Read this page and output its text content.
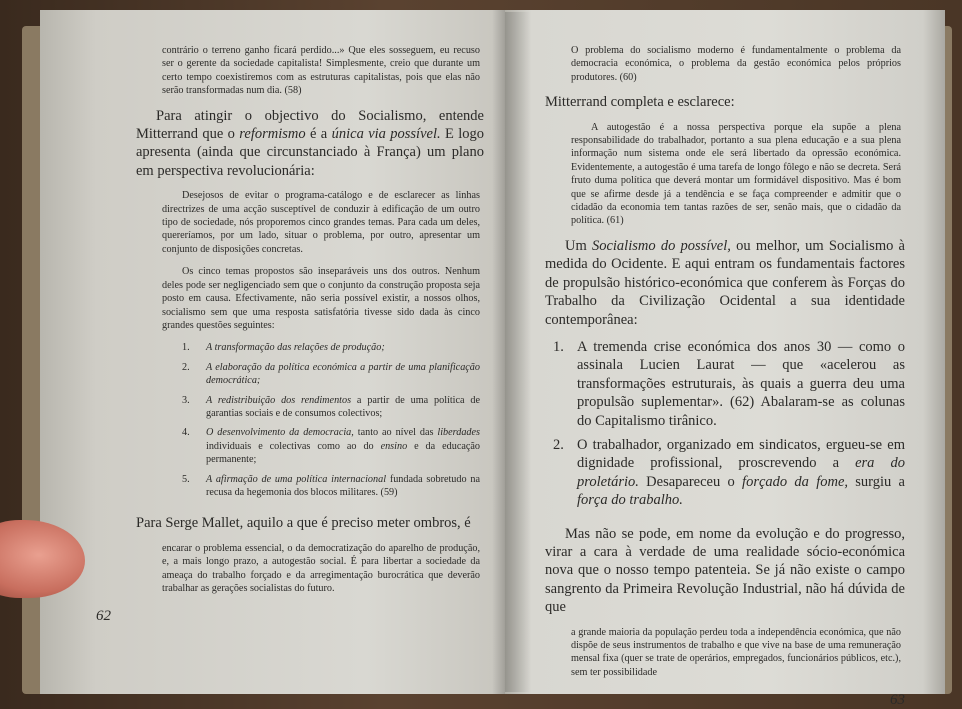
contrário o terreno ganho ficará perdido...» Que eles sosseguem, eu recuso ser o gerente da sociedade capitalista! Simplesmente, creio que durante um certo tempo coexistiremos com as estruturas capitalistas, pois que elas não serão transformadas num dia. (58)
Para atingir o objectivo do Socialismo, entende Mitterrand que o reformismo é a única via possível. E logo apresenta (ainda que circunstanciado à França) um plano em perspectiva revolucionária:
Desejosos de evitar o programa-catálogo e de esclarecer as linhas directrizes de uma acção susceptível de conduzir à edificação de um outro tipo de sociedade, nós proporemos cinco grandes temas. Para cada um deles, quereríamos, por um lado, situar o problema, por outro, apresentar um conjunto de disposições concretas.
Os cinco temas propostos são inseparáveis uns dos outros. Nenhum deles pode ser negligenciado sem que o conjunto da construção proposta seja posto em causa. Efectivamente, não seria possível existir, a nossos olhos, socialismo sem que uma resposta satisfatória tivesse sido dada às cinco grandes questões seguintes:
1. A transformação das relações de produção;
2. A elaboração da política económica a partir de uma planificação democrática;
3. A redistribuição dos rendimentos a partir de uma política de garantias sociais e de consumos colectivos;
4. O desenvolvimento da democracia, tanto ao nível das liberdades individuais e colectivas como ao do ensino e da educação permanente;
5. A afirmação de uma política internacional fundada sobretudo na recusa da hegemonia dos blocos militares. (59)
Para Serge Mallet, aquilo a que é preciso meter ombros, é
encarar o problema essencial, o da democratização do aparelho de produção, e, a mais longo prazo, a autogestão social. É para libertar a sociedade da ameaça do trabalho forçado e da arregimentação burocrática que deverão trabalhar as gerações socialistas do futuro.
62
O problema do socialismo moderno é fundamentalmente o problema da democracia económica, o problema da gestão económica pelos próprios produtores. (60)
Mitterrand completa e esclarece:
A autogestão é a nossa perspectiva porque ela supõe a plena responsabilidade do trabalhador, portanto a sua plena educação e a sua plena informação num sistema onde ele será libertado da opressão económica. Evidentemente, a autogestão é uma tarefa de longo fôlego e não se decreta. Será fruto duma política que deverá montar um formidável dispositivo. Mas é bom que se afirme desde já a tendência e se faça compreender e admitir que o cidadão da economia tem tantas razões de ser, senão mais, que o cidadão da política. (61)
Um Socialismo do possível, ou melhor, um Socialismo à medida do Ocidente. E aqui entram os fundamentais factores de propulsão histórico-económica que conferem às Forças do Trabalho da Civilização Ocidental a sua identidade contemporânea:
1. A tremenda crise económica dos anos 30 — como o assinala Lucien Laurat — que «acelerou as transformações estruturais, às quais a guerra deu uma propulsão suplementar». (62) Abalaram-se as colunas do Capitalismo tirânico.
2. O trabalhador, organizado em sindicatos, ergueu-se em dignidade profissional, proscrevendo a era do proletário. Desapareceu o forçado da fome, surgiu a força do trabalho.
Mas não se pode, em nome da evolução e do progresso, virar a cara à verdade de uma realidade sócio-económica nova que o nosso tempo patenteia. Se já não existe o campo sangrento da Primeira Revolução Industrial, não há dúvida de que
a grande maioria da população perdeu toda a independência económica, que não dispõe de seus instrumentos de trabalho e que vive na base de uma remuneração mensal fixa (quer se trate de operários, empregados, funcionários públicos, etc.), sem ter possibilidade
63
